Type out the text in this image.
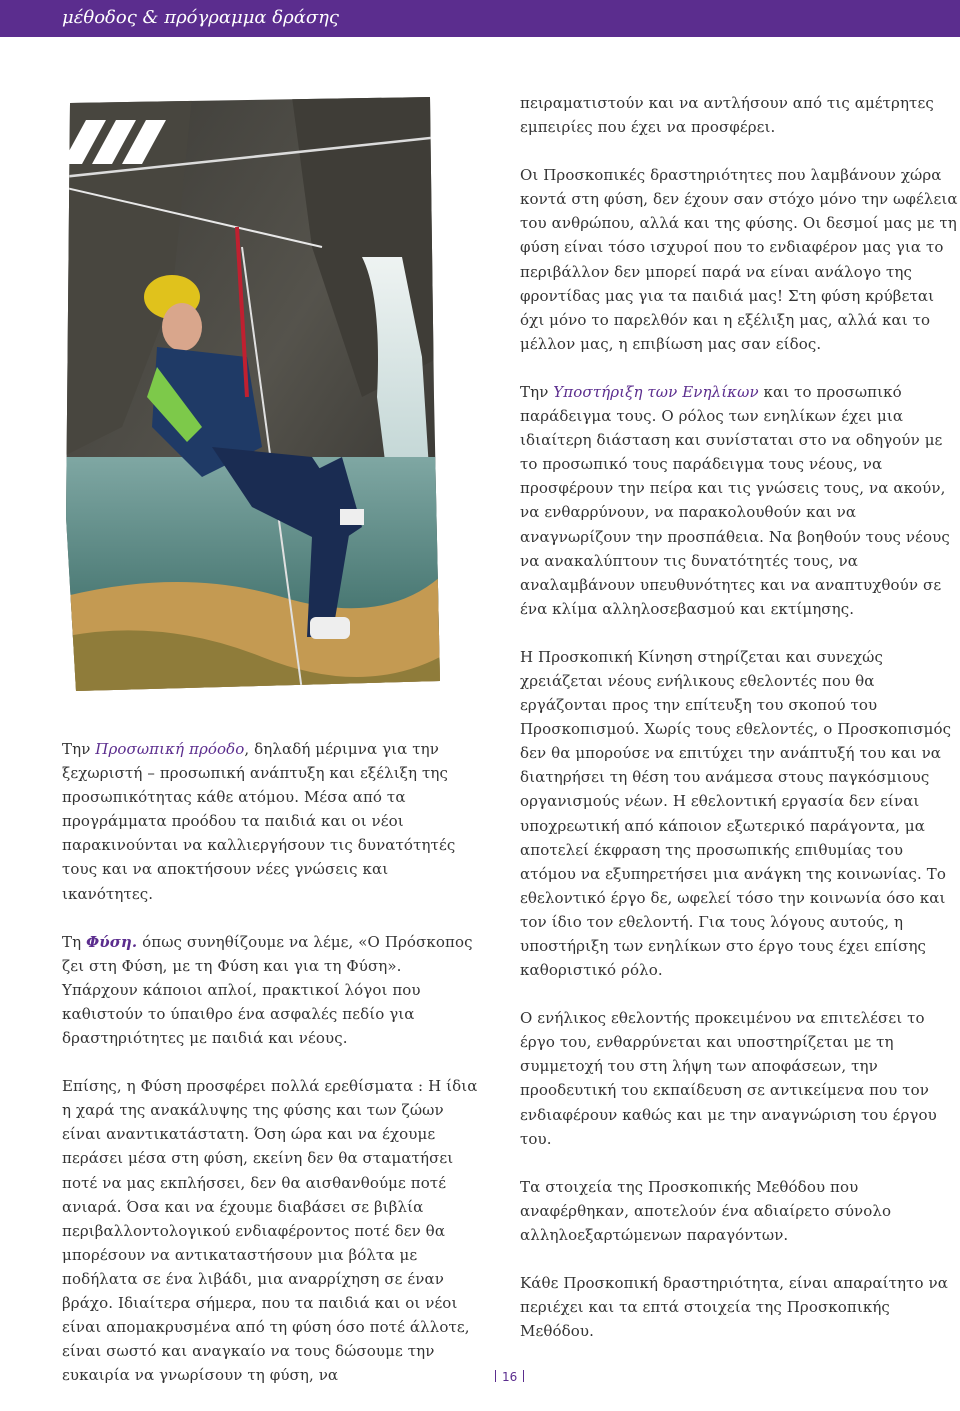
μέθοδος & πρόγραμμα δράσης

πειραματιστούν και να αντλήσουν από τις αμέτρητες εμπειρίες που έχει να προσφέρει.

Οι Προσκοπικές δραστηριότητες που λαμβάνουν χώρα κοντά στη φύση, δεν έχουν σαν στόχο μόνο την ωφέλεια του ανθρώπου, αλλά και της φύσης. Οι δεσμοί μας με τη φύση είναι τόσο ισχυροί που το ενδιαφέρον μας για το περιβάλλον δεν μπορεί παρά να είναι ανάλογο της φροντίδας μας για τα παιδιά μας! Στη φύση κρύβεται όχι μόνο το παρελθόν και η εξέλιξη μας, αλλά και το μέλλον μας, η επιβίωση μας σαν είδος.

Την Υποστήριξη των Ενηλίκων και το προσωπικό παράδειγμα τους. Ο ρόλος των ενηλίκων έχει μια ιδιαίτερη διάσταση και συνίσταται στο να οδηγούν με το προσωπικό τους παράδειγμα τους νέους, να προσφέρουν την πείρα και τις γνώσεις τους, να ακούν, να ενθαρρύνουν, να παρακολουθούν και να αναγνωρίζουν την προσπάθεια. Να βοηθούν τους νέους να ανακαλύπτουν τις δυνατότητές τους, να αναλαμβάνουν υπευθυνότητες και να αναπτυχθούν σε ένα κλίμα αλληλοσεβασμού και εκτίμησης.

Η Προσκοπική Κίνηση στηρίζεται και συνεχώς χρειάζεται νέους ενήλικους εθελοντές που θα εργάζονται προς την επίτευξη του σκοπού του Προσκοπισμού. Χωρίς τους εθελοντές, ο Προσκοπισμός δεν θα μπορούσε να επιτύχει την ανάπτυξή του και να διατηρήσει τη θέση του ανάμεσα στους παγκόσμιους οργανισμούς νέων. Η εθελοντική εργασία δεν είναι υποχρεωτική από κάποιον εξωτερικό παράγοντα, μα αποτελεί έκφραση της προσωπικής επιθυμίας του ατόμου να εξυπηρετήσει μια ανάγκη της κοινωνίας. Το εθελοντικό έργο δε, ωφελεί τόσο την κοινωνία όσο και τον ίδιο τον εθελοντή. Για τους λόγους αυτούς, η υποστήριξη των ενηλίκων στο έργο τους έχει επίσης καθοριστικό ρόλο.

Ο ενήλικος εθελοντής προκειμένου να επιτελέσει το έργο του, ενθαρρύνεται και υποστηρίζεται με τη συμμετοχή του στη λήψη των αποφάσεων, την προοδευτική του εκπαίδευση σε αντικείμενα που τον ενδιαφέρουν καθώς και με την αναγνώριση του έργου του.

Τα στοιχεία της Προσκοπικής Μεθόδου που αναφέρθηκαν, αποτελούν ένα αδιαίρετο σύνολο αλληλοεξαρτώμενων παραγόντων.

Κάθε Προσκοπική δραστηριότητα, είναι απαραίτητο να περιέχει και τα επτά στοιχεία της Προσκοπικής Μεθόδου.

Την Προσωπική πρόοδο, δηλαδή μέριμνα για την ξεχωριστή – προσωπική ανάπτυξη και εξέλιξη της προσωπικότητας κάθε ατόμου. Μέσα από τα προγράμματα προόδου τα παιδιά και οι νέοι παρακινούνται να καλλιεργήσουν τις δυνατότητές τους και να αποκτήσουν νέες γνώσεις και ικανότητες.

Τη Φύση. όπως συνηθίζουμε να λέμε, «Ο Πρόσκοπος ζει στη Φύση, με τη Φύση και για τη Φύση». Υπάρχουν κάποιοι απλοί, πρακτικοί λόγοι που καθιστούν το ύπαιθρο ένα ασφαλές πεδίο για δραστηριότητες με παιδιά και νέους.

Επίσης, η Φύση προσφέρει πολλά ερεθίσματα : Η ίδια η χαρά της ανακάλυψης της φύσης και των ζώων είναι αναντικατάστατη. Όση ώρα και να έχουμε περάσει μέσα στη φύση, εκείνη δεν θα σταματήσει ποτέ να μας εκπλήσσει, δεν θα αισθανθούμε ποτέ ανιαρά. Όσα και να έχουμε διαβάσει σε βιβλία περιβαλλοντολογικού ενδιαφέροντος ποτέ δεν θα μπορέσουν να αντικαταστήσουν μια βόλτα με ποδήλατα σε ένα λιβάδι, μια αναρρίχηση σε έναν βράχο. Ιδιαίτερα σήμερα, που τα παιδιά και οι νέοι είναι απομακρυσμένα από τη φύση όσο ποτέ άλλοτε, είναι σωστό και αναγκαίο να τους δώσουμε την ευκαιρία να γνωρίσουν τη φύση, να	16
